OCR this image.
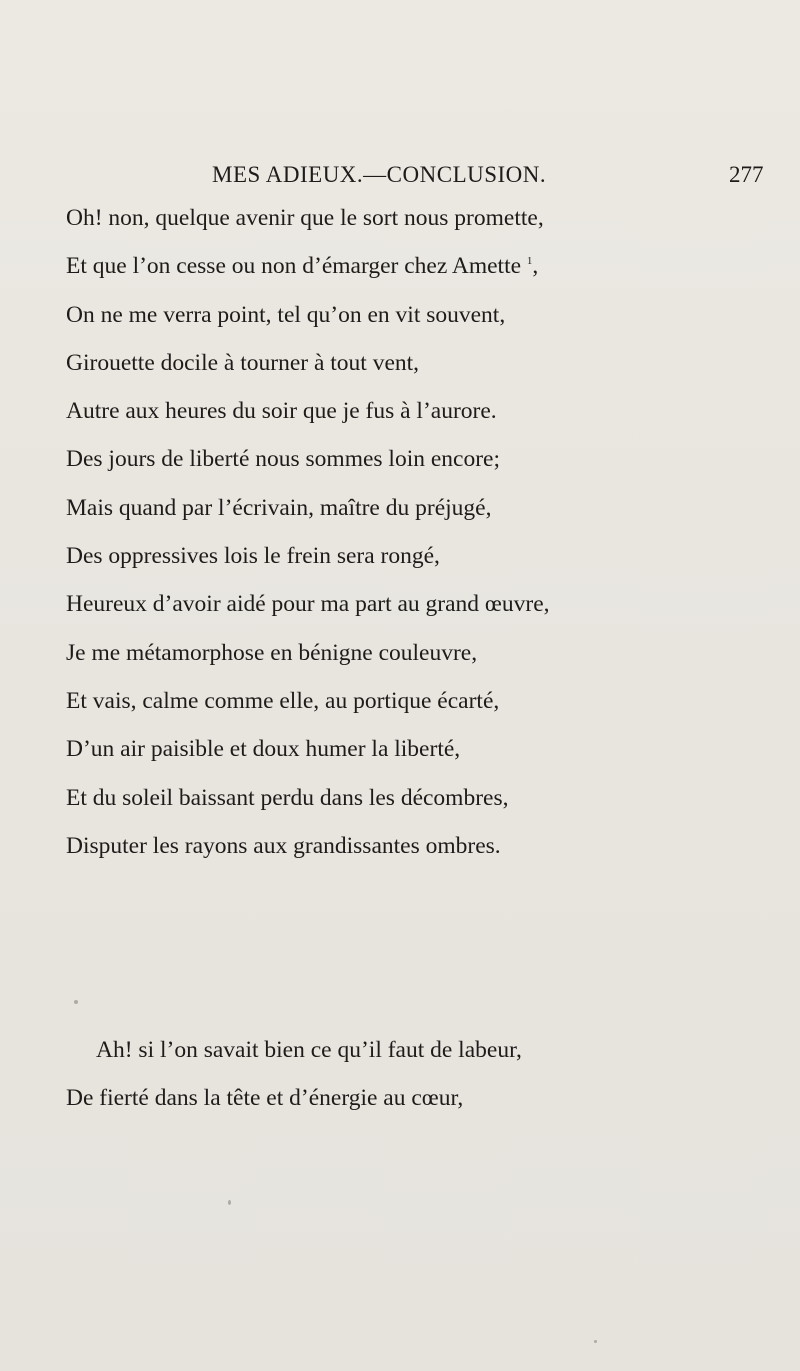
MES ADIEUX.—CONCLUSION.	277
Oh! non, quelque avenir que le sort nous promette,
Et que l’on cesse ou non d’émarger chez Amette $^1$,
On ne me verra point, tel qu’on en vit souvent,
Girouette docile à tourner à tout vent,
Autre aux heures du soir que je fus à l’aurore.
Des jours de liberté nous sommes loin encore;
Mais quand par l’écrivain, maître du préjugé,
Des oppressives lois le frein sera rongé,
Heureux d’avoir aidé pour ma part au grand œuvre,
Je me métamorphose en bénigne couleuvre,
Et vais, calme comme elle, au portique écarté,
D’un air paisible et doux humer la liberté,
Et du soleil baissant perdu dans les décombres,
Disputer les rayons aux grandissantes ombres.
Ah! si l’on savait bien ce qu’il faut de labeur,
De fierté dans la tête et d’énergie au cœur,
